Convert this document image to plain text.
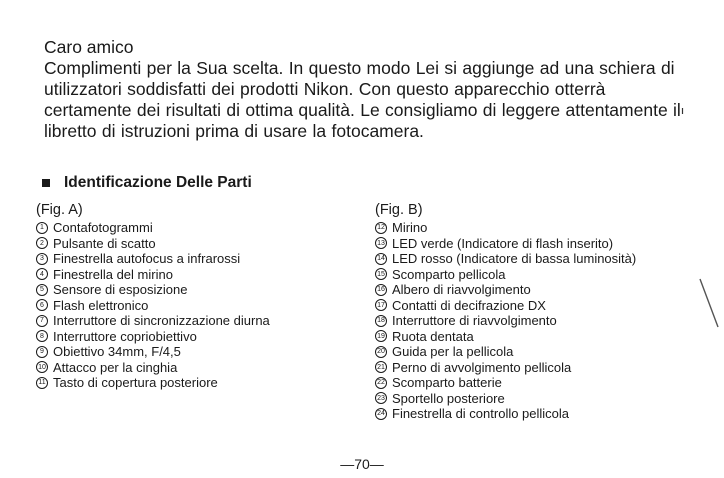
Caro amico

Complimenti per la Sua scelta. In questo modo Lei si aggiunge ad una schiera di utilizzatori soddisfatti dei prodotti Nikon. Con questo apparecchio otterrà certamente dei risultati di ottima qualità. Le consigliamo di leggere attentamente il libretto di istruzioni prima di usare la fotocamera.

Identificazione Delle Parti

(Fig. A)

1 Contafotogrammi
2 Pulsante di scatto
3 Finestrella autofocus a infrarossi
4 Finestrella del mirino
5 Sensore di esposizione
6 Flash elettronico
7 Interruttore di sincronizzazione diurna
8 Interruttore copriobiettivo
9 Obiettivo 34mm, F/4,5
10 Attacco per la cinghia
11 Tasto di copertura posteriore

(Fig. B)

12 Mirino
13 LED verde (Indicatore di flash inserito)
14 LED rosso (Indicatore di bassa luminosità)
15 Scomparto pellicola
16 Albero di riavvolgimento
17 Contatti di decifrazione DX
18 Interruttore di riavvolgimento
19 Ruota dentata
20 Guida per la pellicola
21 Perno di avvolgimento pellicola
22 Scomparto batterie
23 Sportello posteriore
24 Finestrella di controllo pellicola
—70—
